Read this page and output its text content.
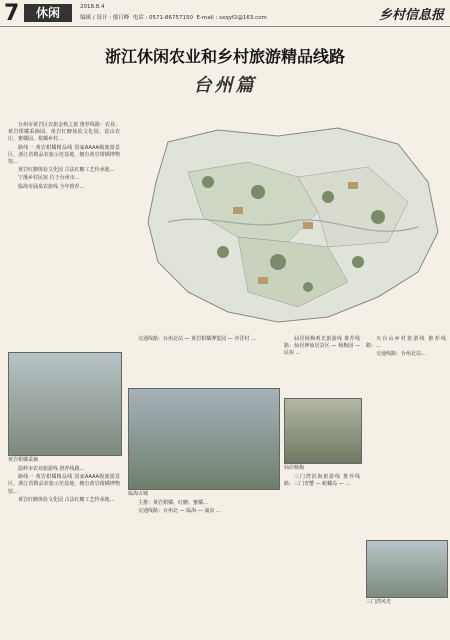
7	休闲	2018.8.4
编辑 / 设计 : 郁日峰 电话 : 0571-86757150 E-mail : sxqyf2@163.com	乡村信息报
浙江休闲农业和乡村旅游精品线路
台州篇

台州市黄岩区农旅金秋之旅 推荐线路：农业、黄岩柑橘采摘园、黄岩红糖体验文化园、富山农庄、蜜橘园、柑橘乡村…

路线一 黄岩柑橘精品线 国家AAAA级旅游景区，浙江省精品农旅示范基地，拥有黄岩柑橘博物馆…

黄岩红糖体验文化园 古法红糖工艺传承地…

宁溪乡村民宿 位于台州市…

临海市涌泉农旅线 全年推荐…

黄岩柑橘采摘

温岭市农业旅游线 推荐线路…

路线一 黄岩柑橘精品线 国家AAAA级旅游景区，浙江省精品农旅示范基地，拥有黄岩柑橘博物馆…

黄岩红糖体验文化园 古法红糖工艺传承地…

交通线路：台州北站 — 黄岩柑橘博览园 — 沙洋村 …

临海古城

主推：黄岩柑橘、红糖、蜜橘…

交通线路：台州北 — 临海 — 涌泉 …

仙居杨梅观光旅游线 推荐线路：仙居神仙居景区 — 杨梅园 — 民宿 …

仙居杨梅

三门湾滨海旅游线 推荐线路：三门青蟹 — 蛇蟠岛 — …

天台山乡村旅游线 推荐线路：…

交通线路：台州北站…

三门湾风光
